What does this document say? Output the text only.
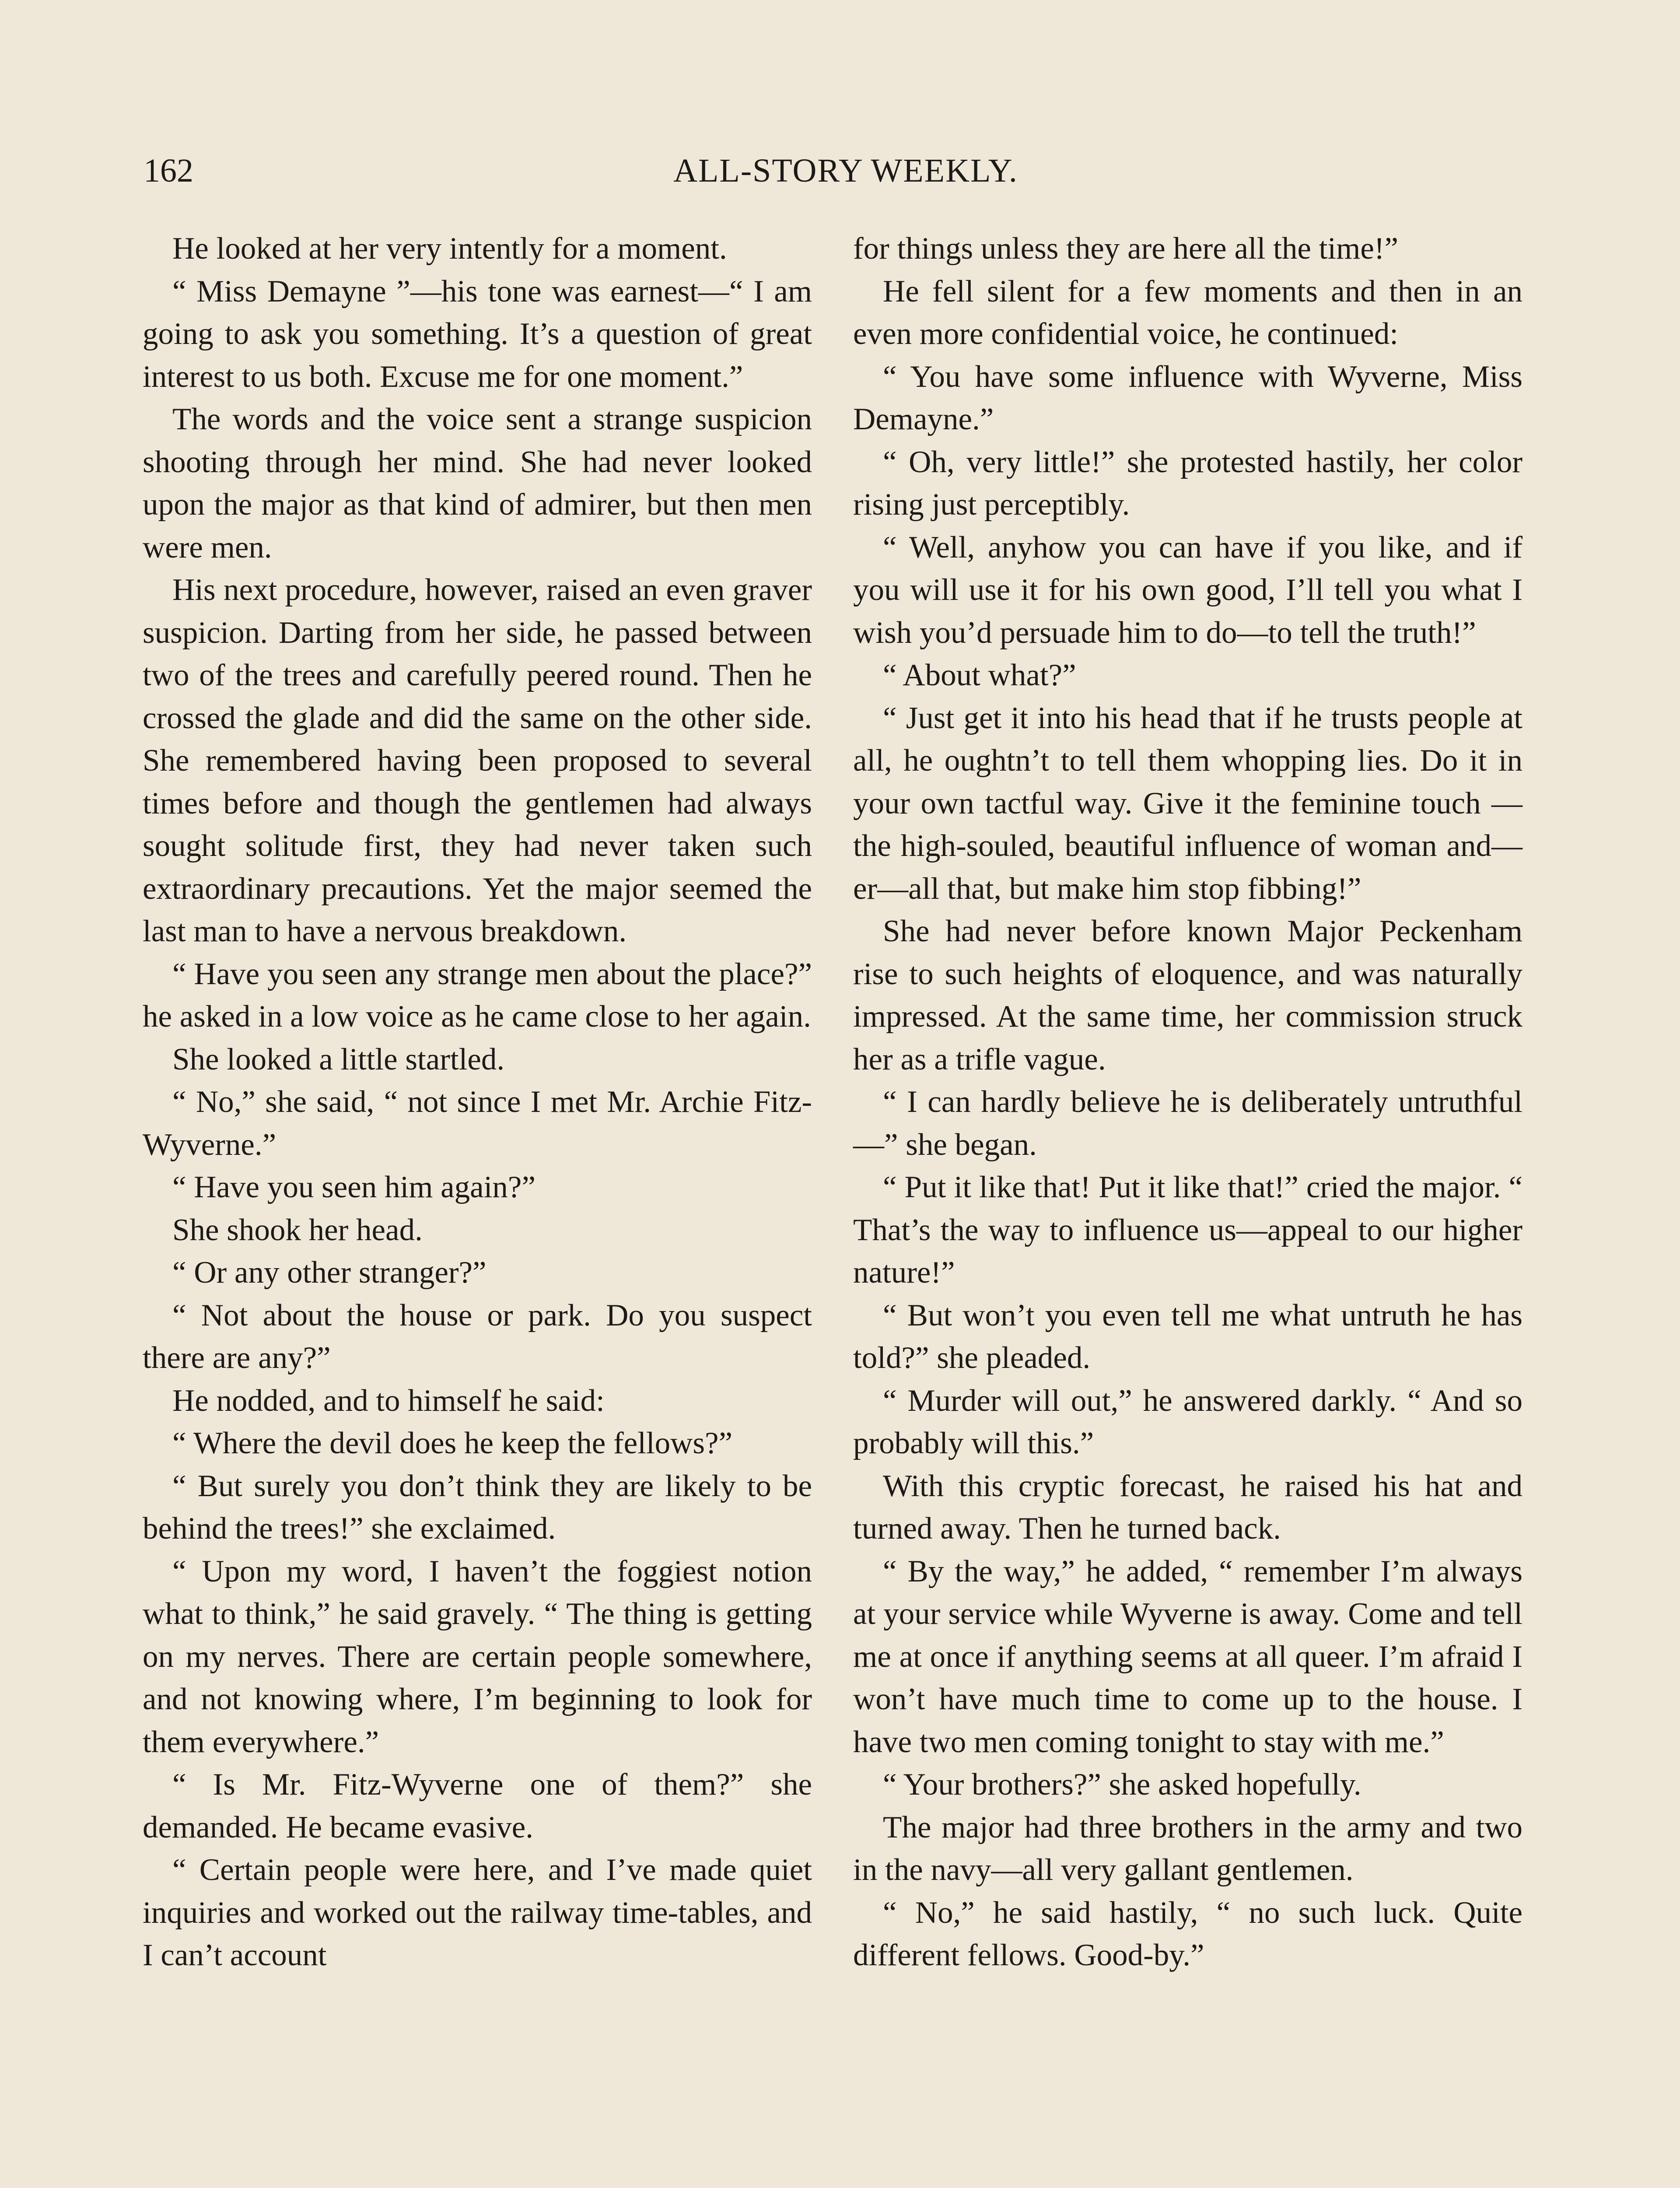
162	ALL-STORY WEEKLY.

He looked at her very intently for a moment.

“ Miss Demayne ”—his tone was earnest—“ I am going to ask you something. It’s a question of great interest to us both. Excuse me for one moment.”

The words and the voice sent a strange suspicion shooting through her mind. She had never looked upon the major as that kind of admirer, but then men were men.

His next procedure, however, raised an even graver suspicion. Darting from her side, he passed between two of the trees and carefully peered round. Then he crossed the glade and did the same on the other side. She remembered having been proposed to several times before and though the gentlemen had always sought solitude first, they had never taken such extraordinary precautions. Yet the major seemed the last man to have a nervous breakdown.

“ Have you seen any strange men about the place?” he asked in a low voice as he came close to her again.

She looked a little startled.

“ No,” she said, “ not since I met Mr. Archie Fitz-Wyverne.”

“ Have you seen him again?”

She shook her head.

“ Or any other stranger?”

“ Not about the house or park. Do you suspect there are any?”

He nodded, and to himself he said:

“ Where the devil does he keep the fellows?”

“ But surely you don’t think they are likely to be behind the trees!” she exclaimed.

“ Upon my word, I haven’t the foggiest notion what to think,” he said gravely. “ The thing is getting on my nerves. There are certain people somewhere, and not knowing where, I’m beginning to look for them everywhere.”

“ Is Mr. Fitz-Wyverne one of them?” she demanded. He became evasive.

“ Certain people were here, and I’ve made quiet inquiries and worked out the railway time-tables, and I can’t account

for things unless they are here all the time!”

He fell silent for a few moments and then in an even more confidential voice, he continued:

“ You have some influence with Wyverne, Miss Demayne.”

“ Oh, very little!” she protested hastily, her color rising just perceptibly.

“ Well, anyhow you can have if you like, and if you will use it for his own good, I’ll tell you what I wish you’d persuade him to do—to tell the truth!”

“ About what?”

“ Just get it into his head that if he trusts people at all, he oughtn’t to tell them whopping lies. Do it in your own tactful way. Give it the feminine touch —the high-souled, beautiful influence of woman and—er—all that, but make him stop fibbing!”

She had never before known Major Peckenham rise to such heights of eloquence, and was naturally impressed. At the same time, her commission struck her as a trifle vague.

“ I can hardly believe he is deliberately untruthful—” she began.

“ Put it like that! Put it like that!” cried the major. “ That’s the way to influence us—appeal to our higher nature!”

“ But won’t you even tell me what untruth he has told?” she pleaded.

“ Murder will out,” he answered darkly. “ And so probably will this.”

With this cryptic forecast, he raised his hat and turned away. Then he turned back.

“ By the way,” he added, “ remember I’m always at your service while Wyverne is away. Come and tell me at once if anything seems at all queer. I’m afraid I won’t have much time to come up to the house. I have two men coming tonight to stay with me.”

“ Your brothers?” she asked hopefully.

The major had three brothers in the army and two in the navy—all very gallant gentlemen.

“ No,” he said hastily, “ no such luck. Quite different fellows. Good-by.”
